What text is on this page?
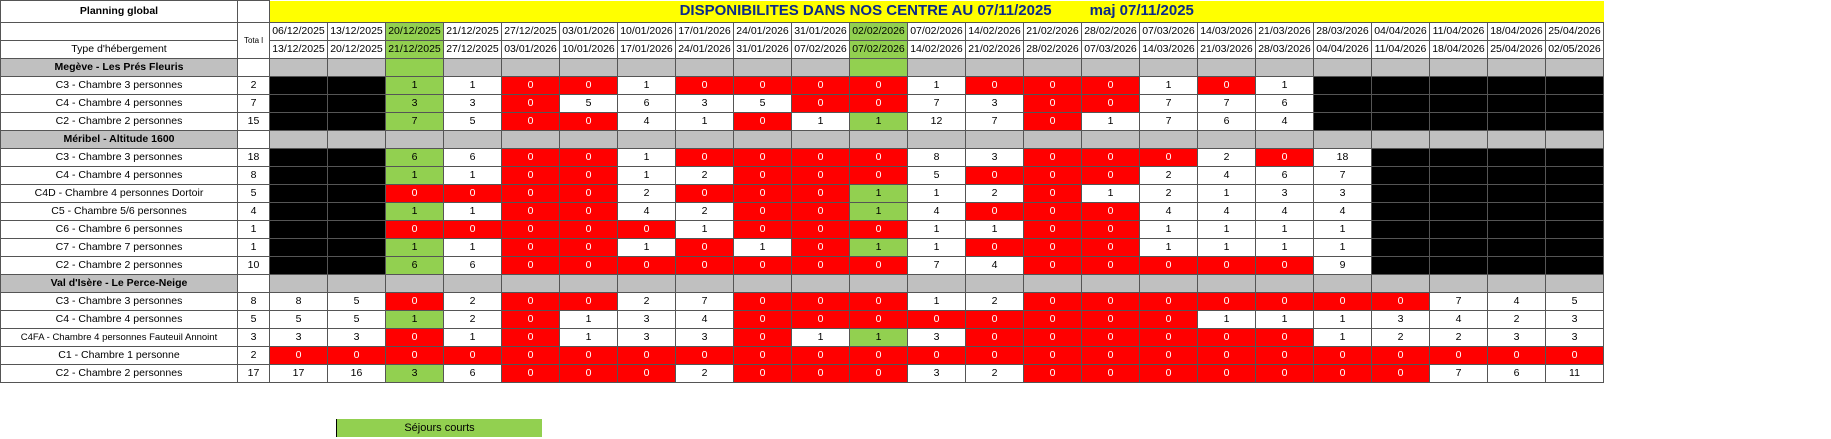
Planning global		DISPONIBILITES DANS NOS CENTRE AU 07/11/2025 maj 07/11/2025																						
	Tota l	06/12/2025	13/12/2025	20/12/2025	21/12/2025	27/12/2025	03/01/2026	10/01/2026	17/01/2026	24/01/2026	31/01/2026	02/02/2026	07/02/2026	14/02/2026	21/02/2026	28/02/2026	07/03/2026	14/03/2026	21/03/2026	28/03/2026	04/04/2026	11/04/2026	18/04/2026	25/04/2026
Type d'hébergement		13/12/2025	20/12/2025	21/12/2025	27/12/2025	03/01/2026	10/01/2026	17/01/2026	24/01/2026	31/01/2026	07/02/2026	07/02/2026	14/02/2026	21/02/2026	28/02/2026	07/03/2026	14/03/2026	21/03/2026	28/03/2026	04/04/2026	11/04/2026	18/04/2026	25/04/2026	02/05/2026
Megève - Les Prés Fleuris																								
C3 - Chambre 3 personnes	2			1	1	0	0	1	0	0	0	0	1	0	0	0	1	0	1					
C4 - Chambre 4 personnes	7			3	3	0	5	6	3	5	0	0	7	3	0	0	7	7	6					
C2 - Chambre 2 personnes	15			7	5	0	0	4	1	0	1	1	12	7	0	1	7	6	4					
Méribel - Altitude 1600																								
C3 - Chambre 3 personnes	18			6	6	0	0	1	0	0	0	0	8	3	0	0	0	2	0	18				
C4 - Chambre 4 personnes	8			1	1	0	0	1	2	0	0	0	5	0	0	0	2	4	6	7				
C4D - Chambre 4 personnes Dortoir	5			0	0	0	0	2	0	0	0	1	1	2	0	1	2	1	3	3				
C5 - Chambre 5/6 personnes	4			1	1	0	0	4	2	0	0	1	4	0	0	0	4	4	4	4				
C6 - Chambre 6 personnes	1			0	0	0	0	0	1	0	0	0	1	1	0	0	1	1	1	1				
C7 - Chambre 7 personnes	1			1	1	0	0	1	0	1	0	1	1	0	0	0	1	1	1	1				
C2 - Chambre 2 personnes	10			6	6	0	0	0	0	0	0	0	7	4	0	0	0	0	0	9				
Val d'Isère - Le Perce-Neige																								
C3 - Chambre 3 personnes	8	8	5	0	2	0	0	2	7	0	0	0	1	2	0	0	0	0	0	0	0	7	4	5
C4 - Chambre 4 personnes	5	5	5	1	2	0	1	3	4	0	0	0	0	0	0	0	0	1	1	1	3	4	2	3
C4FA - Chambre 4 personnes Fauteuil Annoint	3	3	3	0	1	0	1	3	3	0	1	1	3	0	0	0	0	0	0	1	2	2	3	3
C1 - Chambre 1 personne	2	0	0	0	0	0	0	0	0	0	0	0	0	0	0	0	0	0	0	0	0	0	0	0
C2 - Chambre 2 personnes	17	17	16	3	6	0	0	0	2	0	0	0	3	2	0	0	0	0	0	0	0	7	6	11
Séjours courts
